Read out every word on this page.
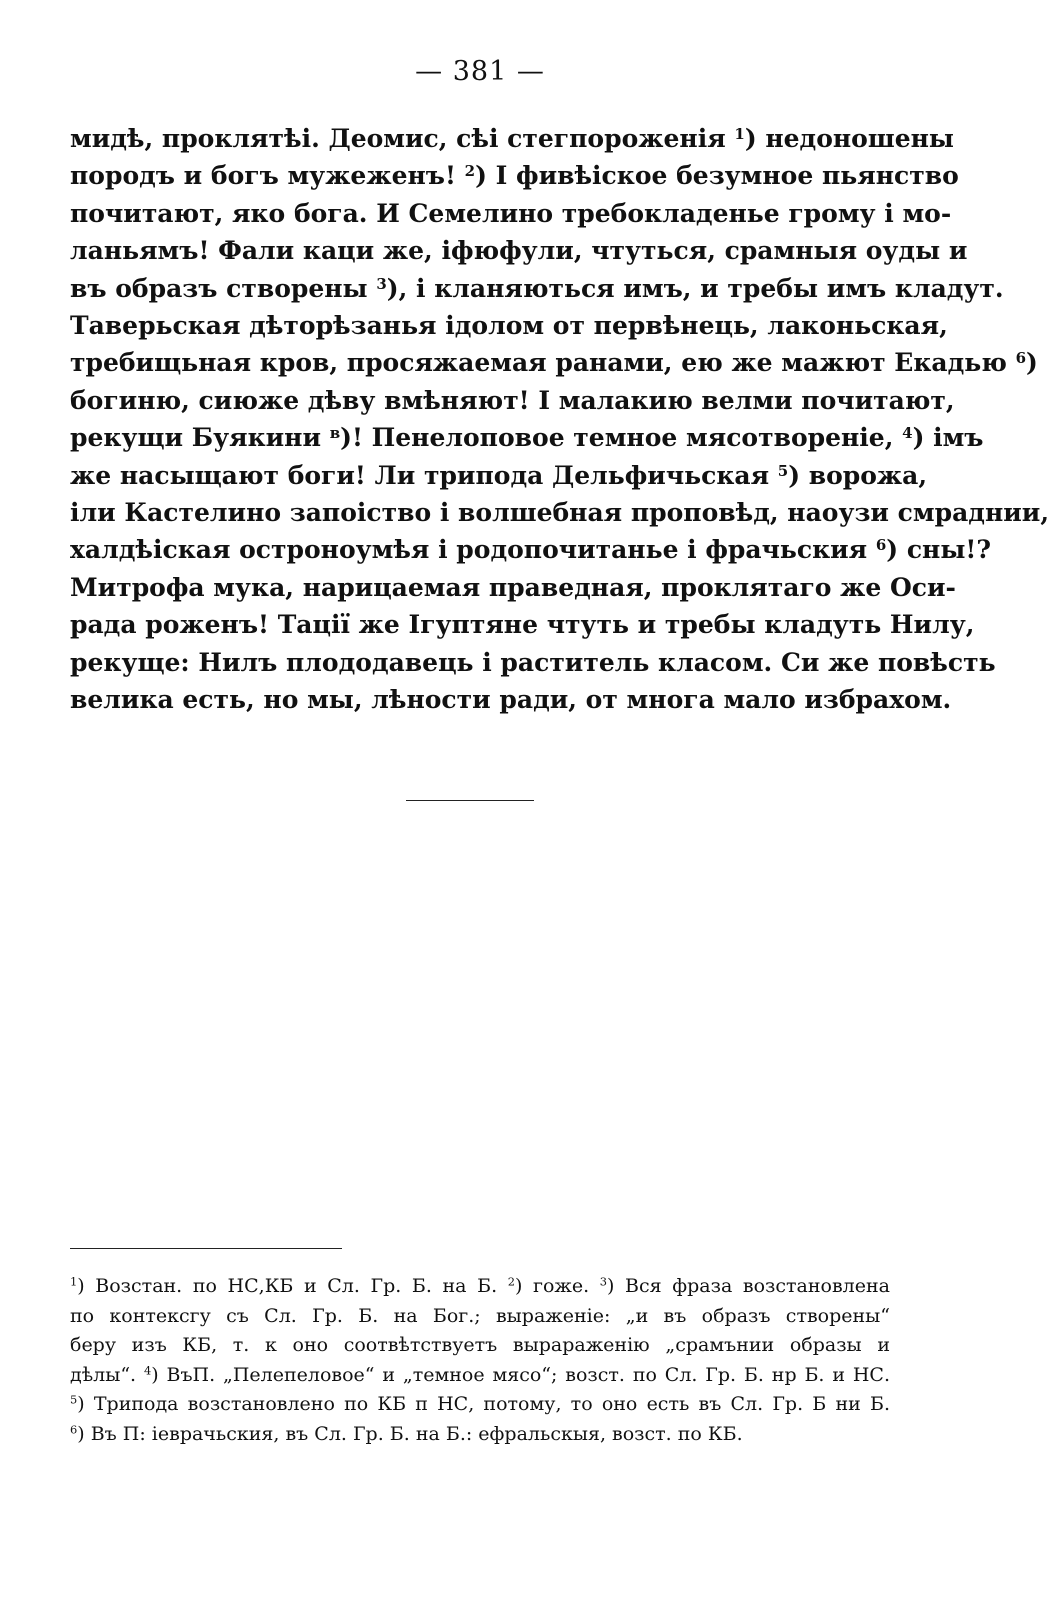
— 381 —
мидѣ, проклятѣі. Деомис, сѣі стегпороженія $^1$) недоношены
породъ и богъ мужеженъ! $^2$) І фивѣіское безумное пьянство
почитают, яко бога. И Семелино требокладенье грому і мо-
ланьямъ! Фали каци же, іфюфули, чтуться, срамныя оуды и
въ образъ створены $^3$), і кланяються имъ, и требы имъ кладут.
Таверьская дѣторѣзанья ідолом от первѣнець, лаконьская,
требищьная кров, просяжаемая ранами, ею же мажют Екадью $^6$)
богиню, сиюже дѣву вмѣняют! І малакию велми почитают,
рекущи Буякини $^в$)! Пенелоповое темное мясотвореніе, $^4$) імъ
же насыщают боги! Ли трипода Дельфичьская $^5$) ворожа,
іли Кастелино запоіство і волшебная проповѣд, наоузи смраднии,
халдѣіская остроноумѣя і родопочитанье і фрачьския $^6$) сны!?
Митрофа мука, нарицаемая праведная, проклятаго же Оси-
рада роженъ! Тації же Ігуптяне чтуть и требы кладуть Нилу,
рекуще: Нилъ плододавець і раститель класом. Си же повѣсть
велика есть, но мы, лѣности ради, от многа мало избрахом.
$^1$) Возстан. по НС,КБ и Сл. Гр. Б. на Б. $^2$) гоже. $^3$) Вся фраза возстановлена
по контексгу съ Сл. Гр. Б. на Бог.; выраженіе: „и въ образъ створены“
беру изъ КБ, т. к оно соотвѣтствуетъ вырараженію „срамънии образы и
дѣлы“. $^4$) ВъП. „Пелепеловое“ и „темное мясо“; возст. по Сл. Гр. Б. нр Б. и НС.
$^5$) Трипода возстановлено по КБ п НС, потому, то оно есть въ Сл. Гр. Б ни Б.
$^6$) Въ П: іеврачьския, въ Сл. Гр. Б. на Б.: ефральскыя, возст. по КБ.
